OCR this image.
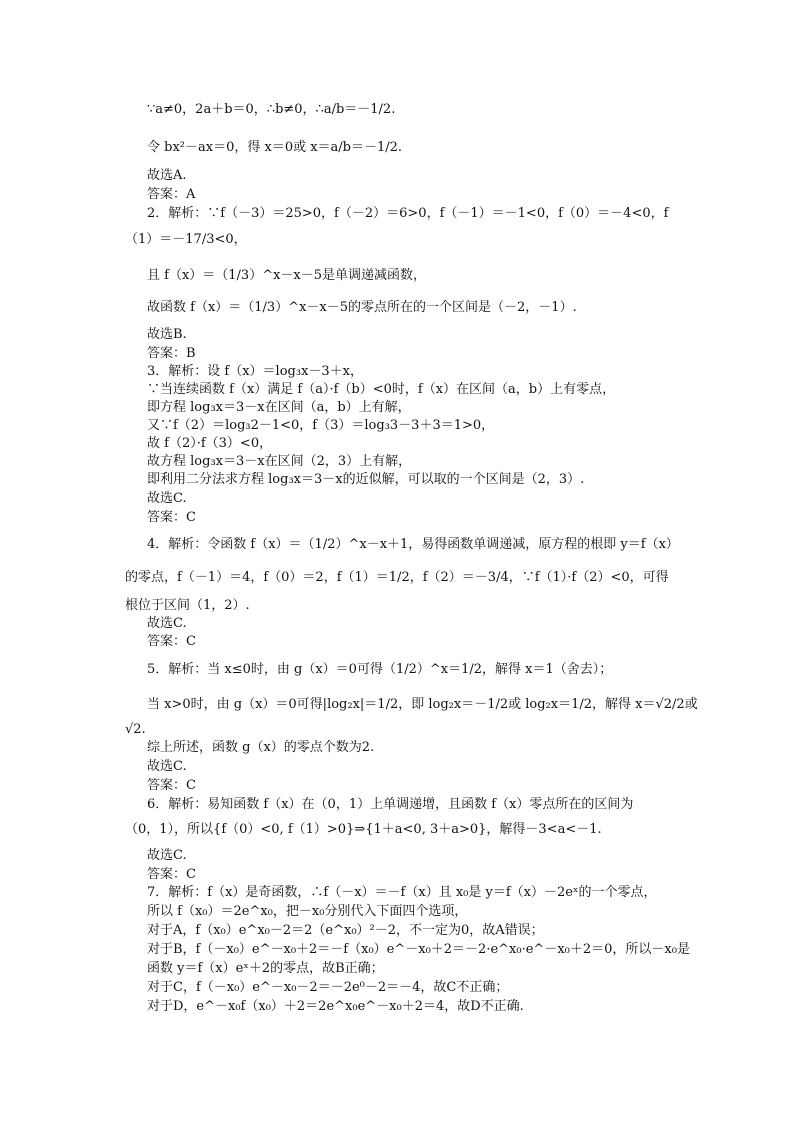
∵a≠0，2a＋b＝0，∴b≠0，∴a/b＝－1/2.
令 bx²－ax＝0，得 x＝0或 x＝a/b＝－1/2.
故选A.
答案：A
2．解析：∵f（－3）＝25>0，f（－2）＝6>0，f（－1）＝－1<0，f（0）＝－4<0，f
（1）＝－17/3<0，
且 f（x）＝（1/3）^x－x－5是单调递减函数，
故函数 f（x）＝（1/3）^x－x－5的零点所在的一个区间是（－2，－1）.
故选B.
答案：B
3．解析：设 f（x）＝log₃x－3＋x，
∵当连续函数 f（x）满足 f（a）·f（b）<0时，f（x）在区间（a，b）上有零点，
即方程 log₃x＝3－x在区间（a，b）上有解，
又∵f（2）＝log₃2－1<0，f（3）＝log₃3－3＋3＝1>0，
故 f（2）·f（3）<0，
故方程 log₃x＝3－x在区间（2，3）上有解，
即利用二分法求方程 log₃x＝3－x的近似解，可以取的一个区间是（2，3）.
故选C.
答案：C
4．解析：令函数 f（x）＝（1/2）^x－x＋1，易得函数单调递减，原方程的根即 y＝f（x）
的零点，f（－1）＝4，f（0）＝2，f（1）＝1/2，f（2）＝－3/4，∵f（1）·f（2）<0，可得
根位于区间（1，2）.
故选C.
答案：C
5．解析：当 x≤0时，由 g（x）＝0可得（1/2）^x＝1/2，解得 x＝1（舍去）；
当 x>0时，由 g（x）＝0可得|log₂x|＝1/2，即 log₂x＝－1/2或 log₂x＝1/2，解得 x＝√2/2或
√2.
综上所述，函数 g（x）的零点个数为2.
故选C.
答案：C
6．解析：易知函数 f（x）在（0，1）上单调递增，且函数 f（x）零点所在的区间为
（0，1），所以{f（0）<0, f（1）>0}⇒{1＋a<0, 3＋a>0}，解得－3<a<－1.
故选C.
答案：C
7．解析：f（x）是奇函数，∴f（－x）＝－f（x）且 x₀是 y＝f（x）－2eˣ的一个零点，
所以 f（x₀）＝2e^x₀，把－x₀分别代入下面四个选项，
对于A，f（x₀）e^x₀－2＝2（e^x₀）²－2，不一定为0，故A错误；
对于B，f（－x₀）e^－x₀＋2＝－f（x₀）e^－x₀＋2＝－2·e^x₀·e^－x₀＋2＝0，所以－x₀是
函数 y＝f（x）eˣ＋2的零点，故B正确；
对于C，f（－x₀）e^－x₀－2＝－2e⁰－2＝－4，故C不正确；
对于D，e^－x₀f（x₀）＋2＝2e^x₀e^－x₀＋2＝4，故D不正确.
